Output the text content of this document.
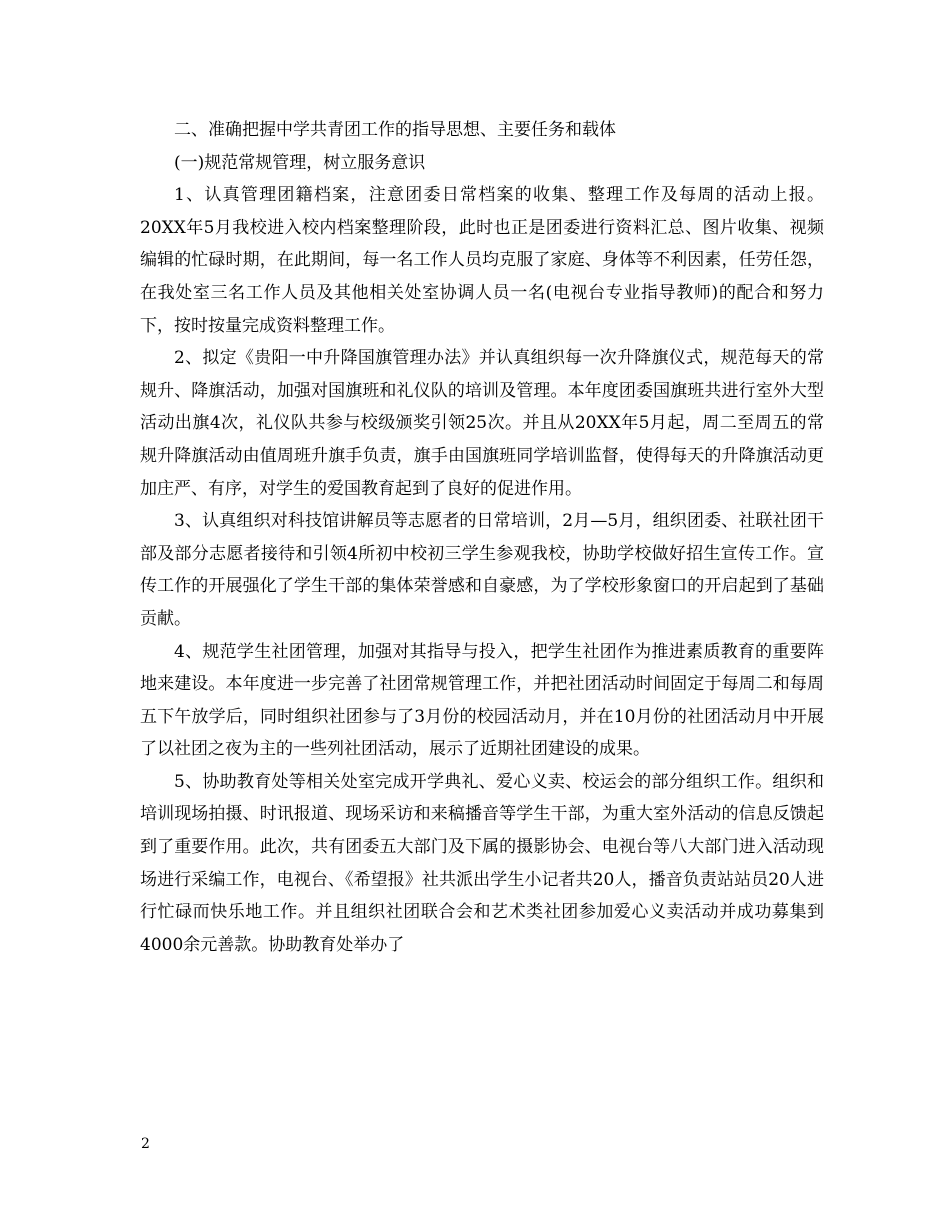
二、准确把握中学共青团工作的指导思想、主要任务和载体

(一)规范常规管理，树立服务意识

1、认真管理团籍档案，注意团委日常档案的收集、整理工作及每周的活动上报。20XX年5月我校进入校内档案整理阶段，此时也正是团委进行资料汇总、图片收集、视频编辑的忙碌时期，在此期间，每一名工作人员均克服了家庭、身体等不利因素，任劳任怨，在我处室三名工作人员及其他相关处室协调人员一名(电视台专业指导教师)的配合和努力下，按时按量完成资料整理工作。

2、拟定《贵阳一中升降国旗管理办法》并认真组织每一次升降旗仪式，规范每天的常规升、降旗活动，加强对国旗班和礼仪队的培训及管理。本年度团委国旗班共进行室外大型活动出旗4次，礼仪队共参与校级颁奖引领25次。并且从20XX年5月起，周二至周五的常规升降旗活动由值周班升旗手负责，旗手由国旗班同学培训监督，使得每天的升降旗活动更加庄严、有序，对学生的爱国教育起到了良好的促进作用。

3、认真组织对科技馆讲解员等志愿者的日常培训，2月—5月，组织团委、社联社团干部及部分志愿者接待和引领4所初中校初三学生参观我校，协助学校做好招生宣传工作。宣传工作的开展强化了学生干部的集体荣誉感和自豪感，为了学校形象窗口的开启起到了基础贡献。

4、规范学生社团管理，加强对其指导与投入，把学生社团作为推进素质教育的重要阵地来建设。本年度进一步完善了社团常规管理工作，并把社团活动时间固定于每周二和每周五下午放学后，同时组织社团参与了3月份的校园活动月，并在10月份的社团活动月中开展了以社团之夜为主的一些列社团活动，展示了近期社团建设的成果。

5、协助教育处等相关处室完成开学典礼、爱心义卖、校运会的部分组织工作。组织和培训现场拍摄、时讯报道、现场采访和来稿播音等学生干部，为重大室外活动的信息反馈起到了重要作用。此次，共有团委五大部门及下属的摄影协会、电视台等八大部门进入活动现场进行采编工作，电视台、《希望报》社共派出学生小记者共20人，播音负责站站员20人进行忙碌而快乐地工作。并且组织社团联合会和艺术类社团参加爱心义卖活动并成功募集到4000余元善款。协助教育处举办了

2
